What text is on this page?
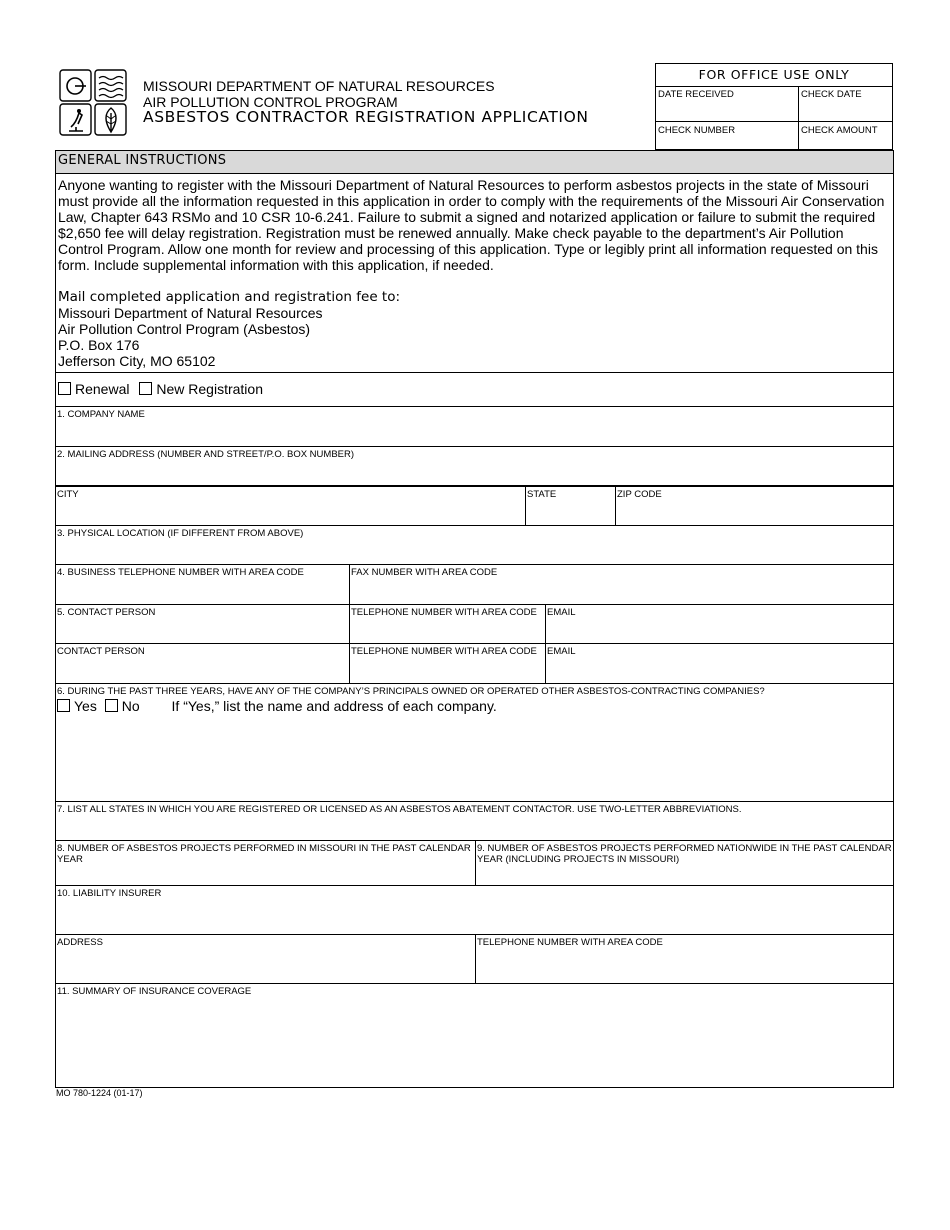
MISSOURI DEPARTMENT OF NATURAL RESOURCES
AIR POLLUTION CONTROL PROGRAM
ASBESTOS CONTRACTOR REGISTRATION APPLICATION
FOR OFFICE USE ONLY
DATE RECEIVED	CHECK DATE
CHECK NUMBER	CHECK AMOUNT
GENERAL INSTRUCTIONS
Anyone wanting to register with the Missouri Department of Natural Resources to perform asbestos projects in the state of Missouri must provide all the information requested in this application in order to comply with the requirements of the Missouri Air Conservation Law, Chapter 643 RSMo and 10 CSR 10-6.241. Failure to submit a signed and notarized application or failure to submit the required $2,650 fee will delay registration. Registration must be renewed annually. Make check payable to the department’s Air Pollution Control Program. Allow one month for review and processing of this application. Type or legibly print all information requested on this form. Include supplemental information with this application, if needed.
Mail completed application and registration fee to:
Missouri Department of Natural Resources
Air Pollution Control Program (Asbestos)
P.O. Box 176
Jefferson City, MO 65102
Renewal New Registration
1. COMPANY NAME
2. MAILING ADDRESS (NUMBER AND STREET/P.O. BOX NUMBER)
CITY	STATE	ZIP CODE
3. PHYSICAL LOCATION (IF DIFFERENT FROM ABOVE)
4. BUSINESS TELEPHONE NUMBER WITH AREA CODE	FAX NUMBER WITH AREA CODE
5. CONTACT PERSON	TELEPHONE NUMBER WITH AREA CODE	EMAIL
CONTACT PERSON	TELEPHONE NUMBER WITH AREA CODE	EMAIL
6. DURING THE PAST THREE YEARS, HAVE ANY OF THE COMPANY’S PRINCIPALS OWNED OR OPERATED OTHER ASBESTOS-CONTRACTING COMPANIES?
Yes No If “Yes,” list the name and address of each company.
7. LIST ALL STATES IN WHICH YOU ARE REGISTERED OR LICENSED AS AN ASBESTOS ABATEMENT CONTACTOR. USE TWO-LETTER ABBREVIATIONS.
8. NUMBER OF ASBESTOS PROJECTS PERFORMED IN MISSOURI IN THE PAST CALENDAR YEAR
9. NUMBER OF ASBESTOS PROJECTS PERFORMED NATIONWIDE IN THE PAST CALENDAR YEAR (INCLUDING PROJECTS IN MISSOURI)
10. LIABILITY INSURER
ADDRESS	TELEPHONE NUMBER WITH AREA CODE
11. SUMMARY OF INSURANCE COVERAGE
MO 780-1224 (01-17)
